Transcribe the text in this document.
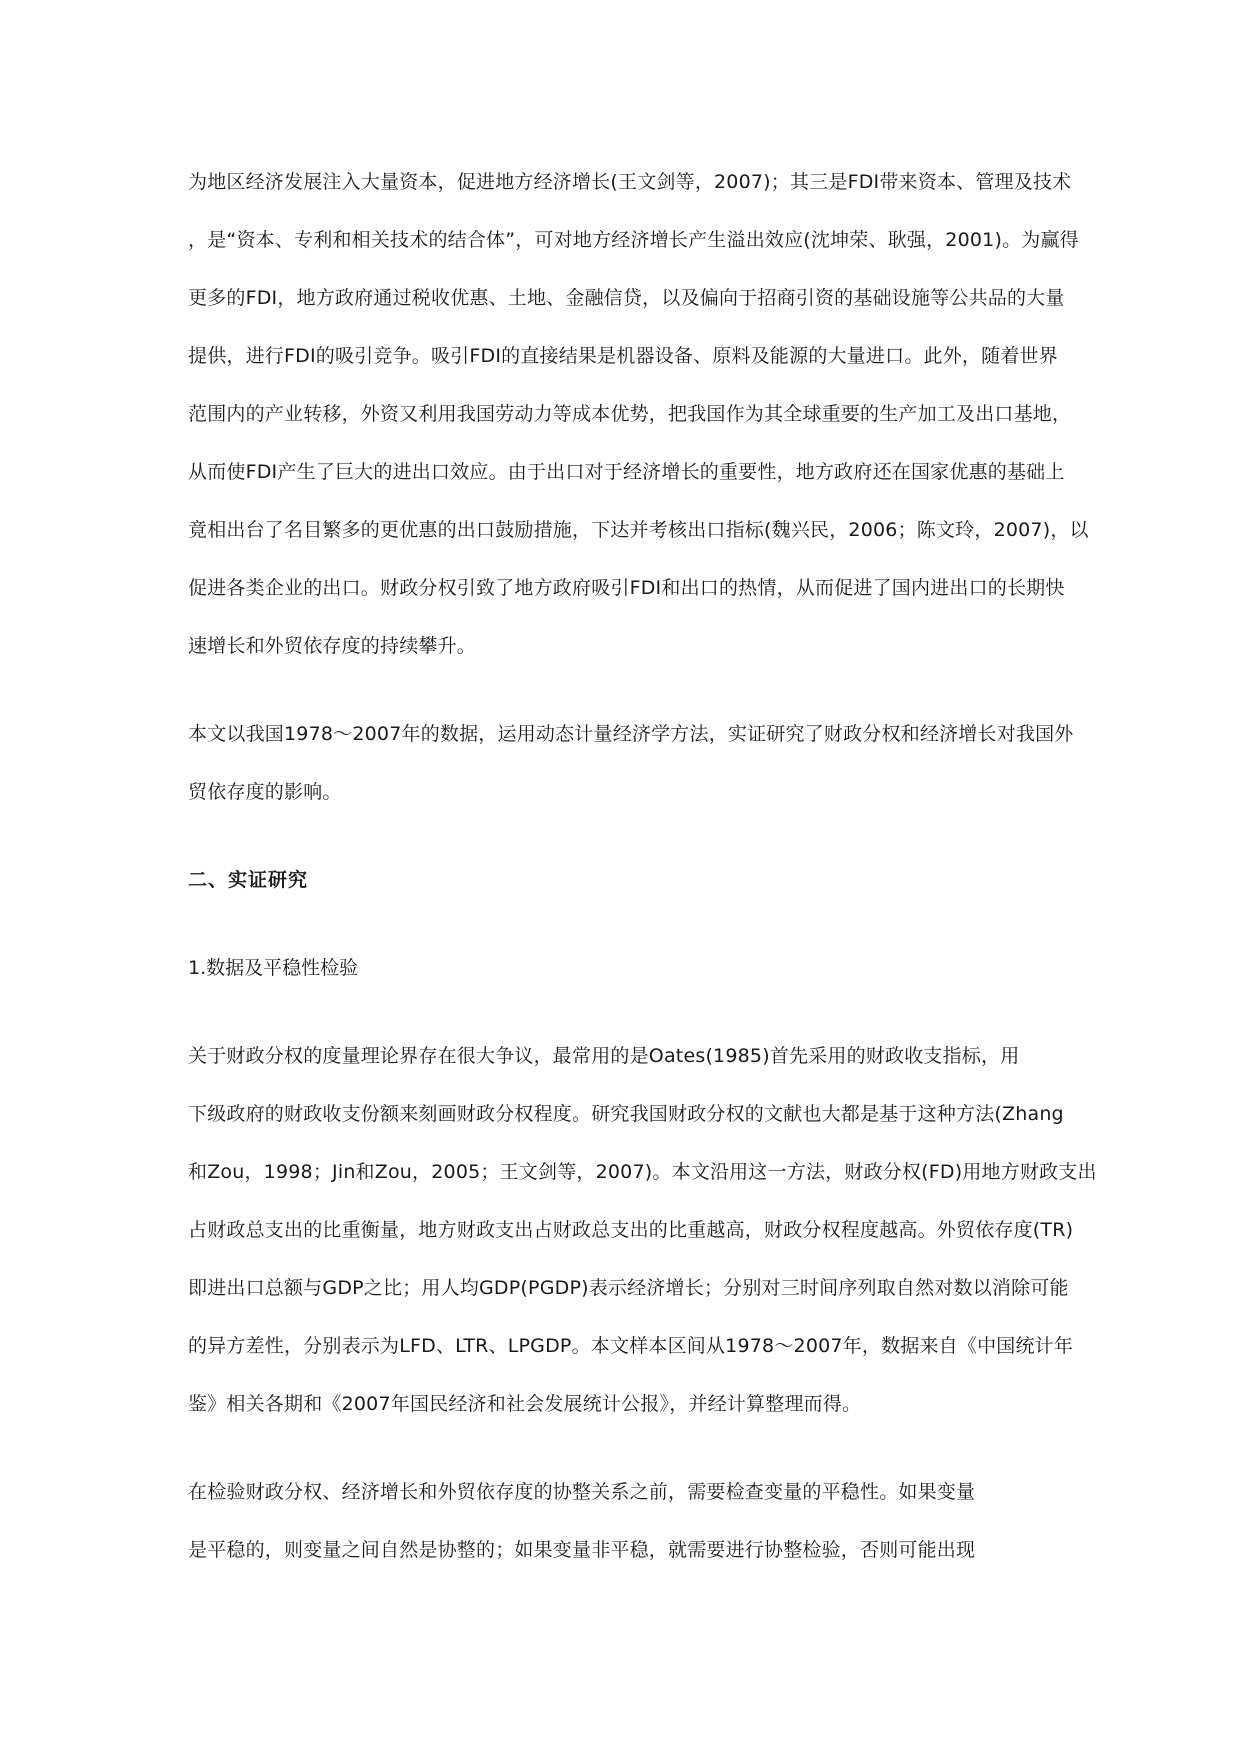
为地区经济发展注入大量资本，促进地方经济增长(王文剑等，2007)；其三是FDI带来资本、管理及技术
，是“资本、专利和相关技术的结合体”，可对地方经济增长产生溢出效应(沈坤荣、耿强，2001)。为赢得
更多的FDI，地方政府通过税收优惠、土地、金融信贷，以及偏向于招商引资的基础设施等公共品的大量
提供，进行FDI的吸引竞争。吸引FDI的直接结果是机器设备、原料及能源的大量进口。此外，随着世界
范围内的产业转移，外资又利用我国劳动力等成本优势，把我国作为其全球重要的生产加工及出口基地，
从而使FDI产生了巨大的进出口效应。由于出口对于经济增长的重要性，地方政府还在国家优惠的基础上
竟相出台了名目繁多的更优惠的出口鼓励措施，下达并考核出口指标(魏兴民，2006；陈文玲，2007)，以
促进各类企业的出口。财政分权引致了地方政府吸引FDI和出口的热情，从而促进了国内进出口的长期快
速增长和外贸依存度的持续攀升。
本文以我国1978～2007年的数据，运用动态计量经济学方法，实证研究了财政分权和经济增长对我国外
贸依存度的影响。
二、实证研究
1.数据及平稳性检验
关于财政分权的度量理论界存在很大争议，最常用的是Oates(1985)首先采用的财政收支指标，用
下级政府的财政收支份额来刻画财政分权程度。研究我国财政分权的文献也大都是基于这种方法(Zhang
和Zou，1998；Jin和Zou，2005；王文剑等，2007)。本文沿用这一方法，财政分权(FD)用地方财政支出
占财政总支出的比重衡量，地方财政支出占财政总支出的比重越高，财政分权程度越高。外贸依存度(TR)
即进出口总额与GDP之比；用人均GDP(PGDP)表示经济增长；分别对三时间序列取自然对数以消除可能
的异方差性，分别表示为LFD、LTR、LPGDP。本文样本区间从1978～2007年，数据来自《中国统计年
鉴》相关各期和《2007年国民经济和社会发展统计公报》，并经计算整理而得。
在检验财政分权、经济增长和外贸依存度的协整关系之前，需要检查变量的平稳性。如果变量
是平稳的，则变量之间自然是协整的；如果变量非平稳，就需要进行协整检验，否则可能出现
